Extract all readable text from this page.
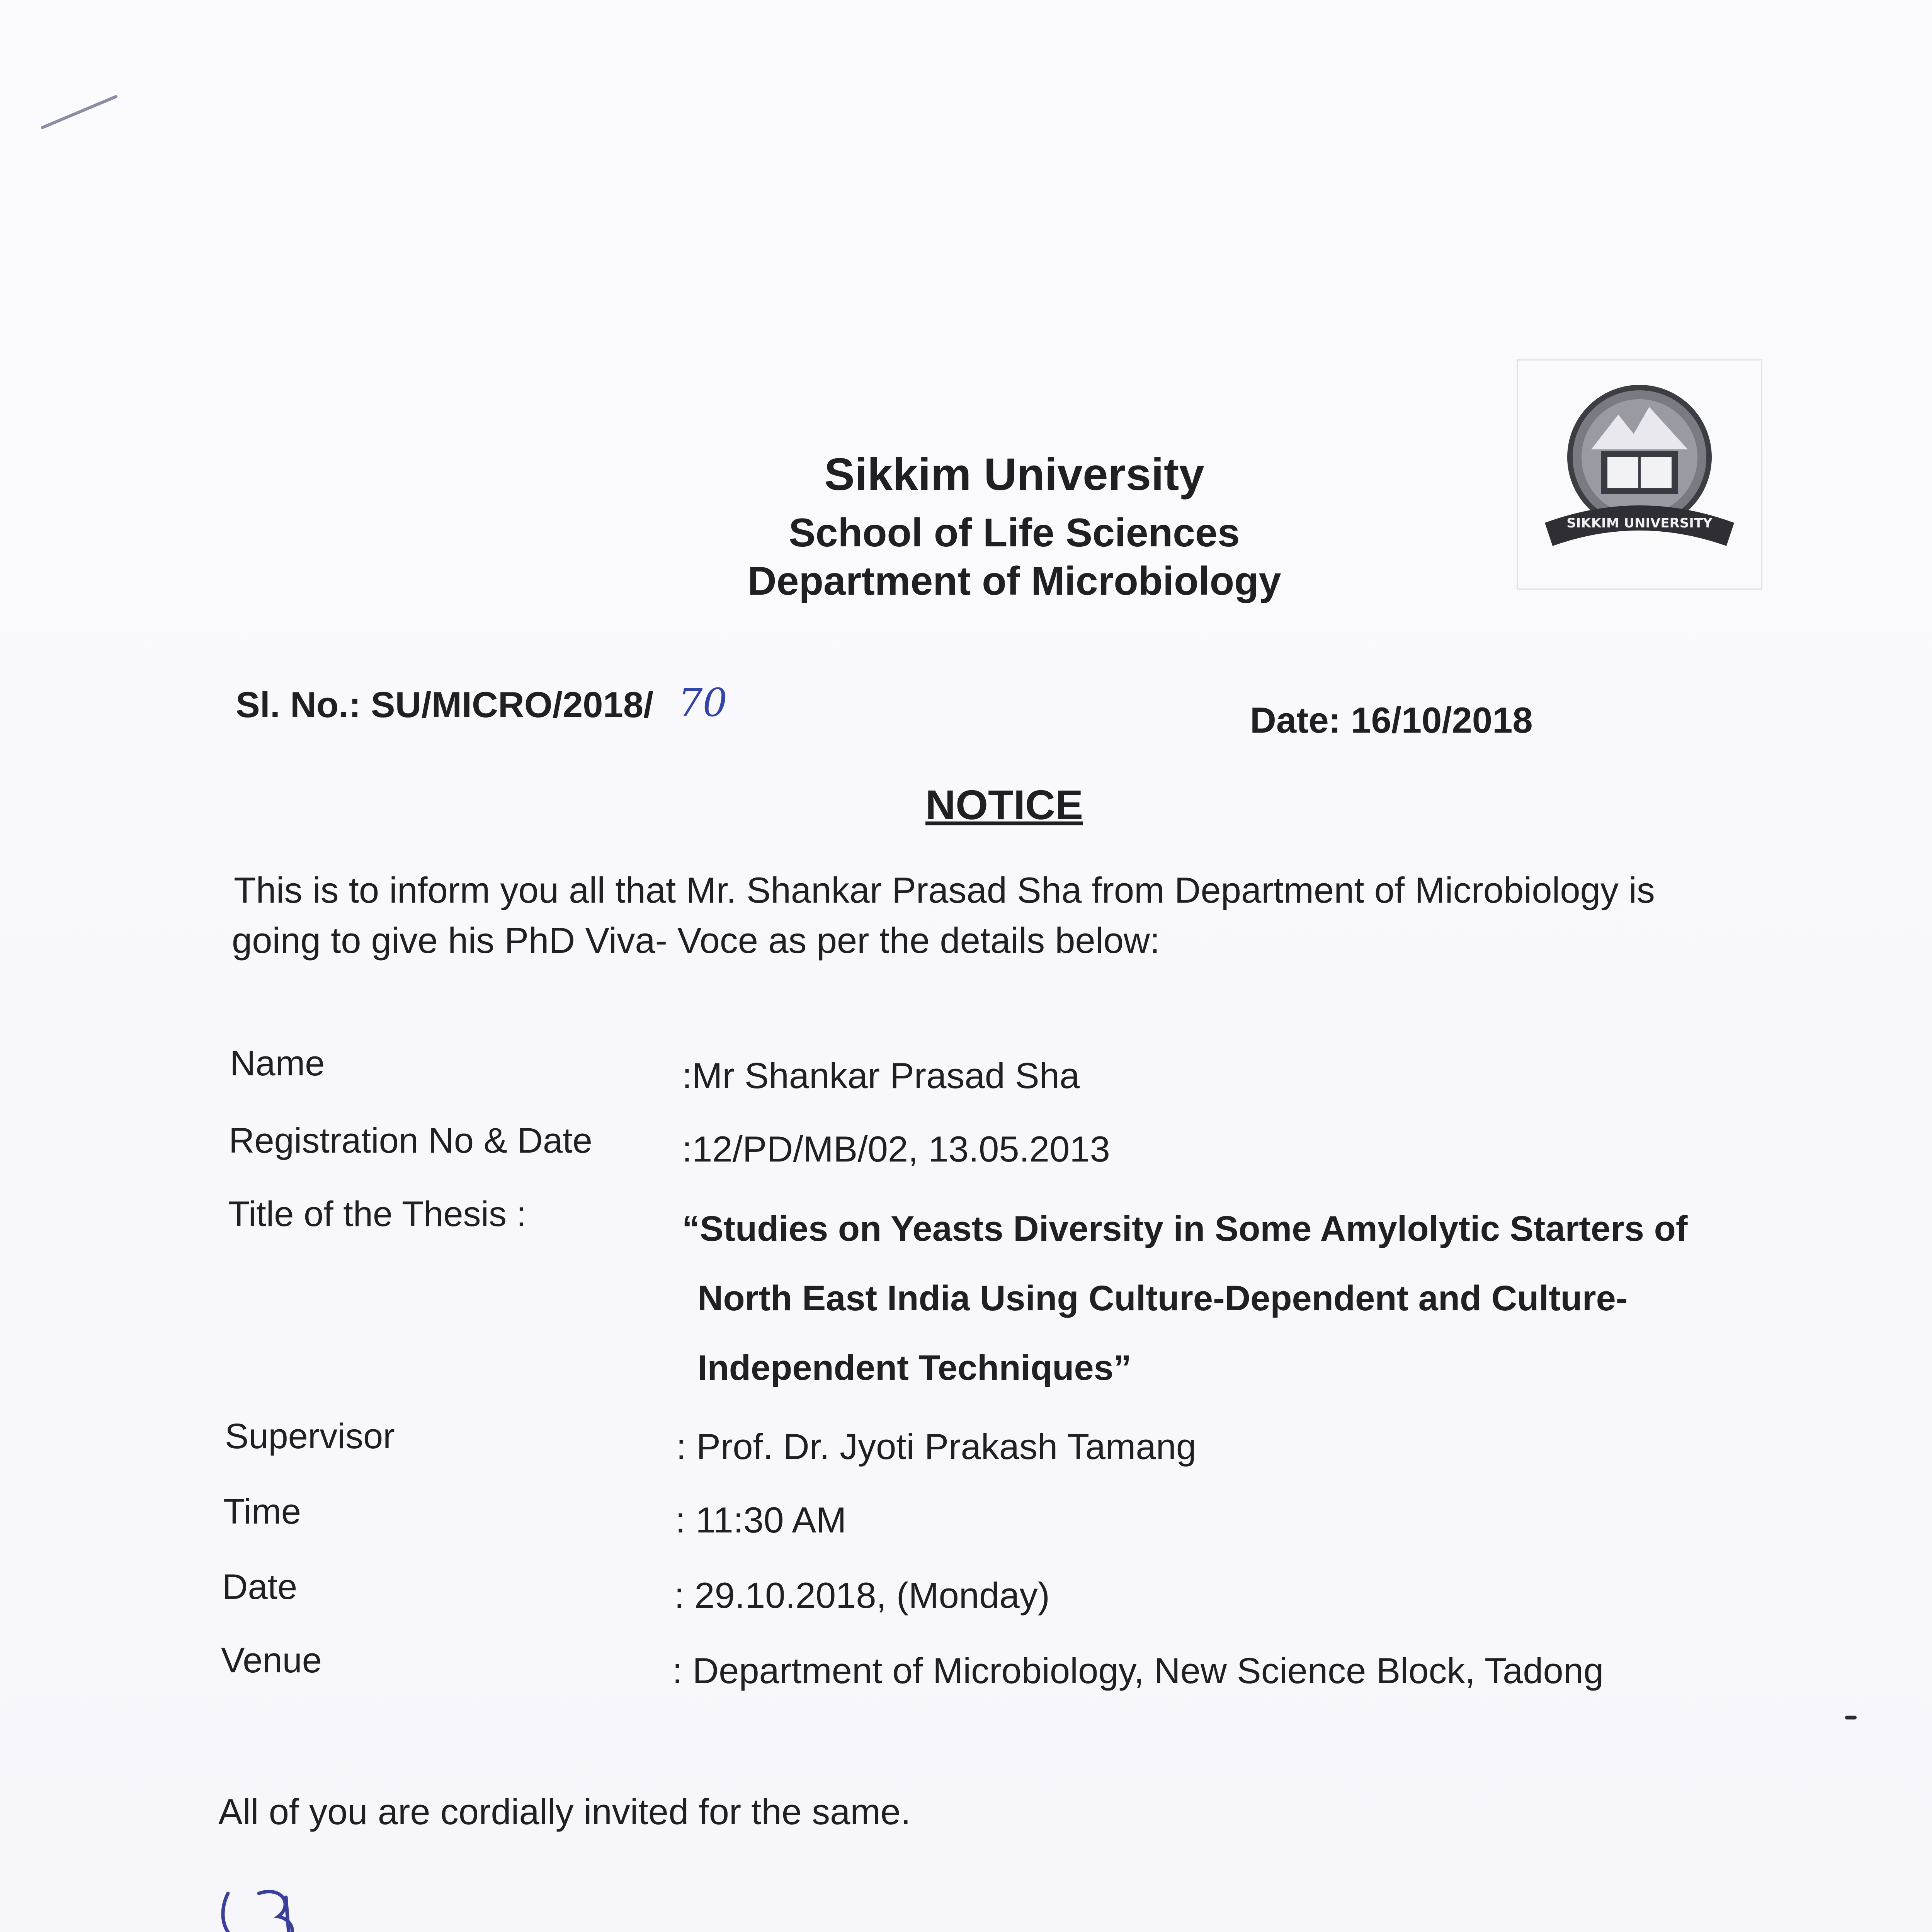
Sikkim University
School of Life Sciences
Department of Microbiology
SIKKIM UNIVERSITY
Sl. No.: SU/MICRO/2018/ 70	Date: 16/10/2018
NOTICE
This is to inform you all that Mr. Shankar Prasad Sha from Department of Microbiology is
going to give his PhD Viva- Voce as per the details below:
Name	:Mr Shankar Prasad Sha
Registration No & Date :12/PD/MB/02, 13.05.2013
Title of the Thesis :	“Studies on Yeasts Diversity in Some Amylolytic Starters of
North East India Using Culture-Dependent and Culture-
Independent Techniques”
Supervisor	: Prof. Dr. Jyoti Prakash Tamang
Time	: 11:30 AM
Date	: 29.10.2018, (Monday)
Venue	: Department of Microbiology, New Science Block, Tadong
All of you are cordially invited for the same.
